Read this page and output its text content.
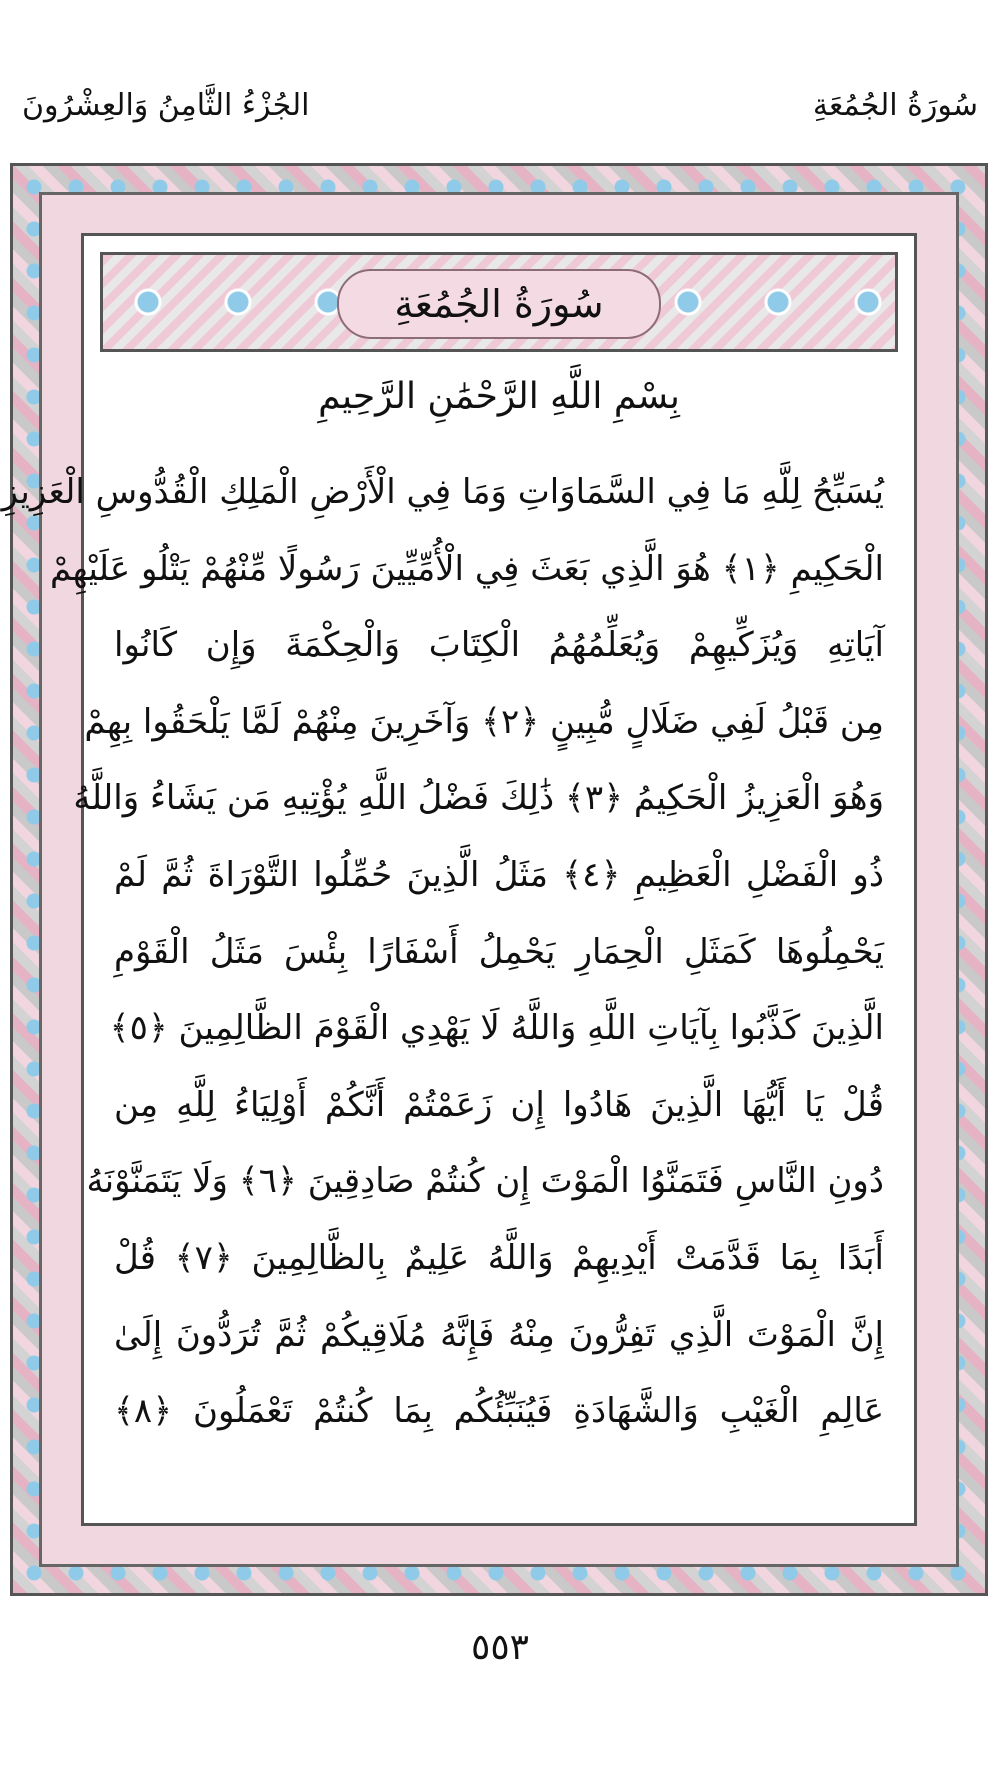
سُورَةُ الجُمُعَةِ
الجُزْءُ الثَّامِنُ وَالعِشْرُونَ
سُورَةُ الجُمُعَةِ
بِسْمِ اللَّهِ الرَّحْمَٰنِ الرَّحِيمِ
يُسَبِّحُ لِلَّهِ مَا فِي السَّمَاوَاتِ وَمَا فِي الْأَرْضِ الْمَلِكِ الْقُدُّوسِ الْعَزِيزِ
الْحَكِيمِ ﴿١﴾ هُوَ الَّذِي بَعَثَ فِي الْأُمِّيِّينَ رَسُولًا مِّنْهُمْ يَتْلُو عَلَيْهِمْ
آيَاتِهِ وَيُزَكِّيهِمْ وَيُعَلِّمُهُمُ الْكِتَابَ وَالْحِكْمَةَ وَإِن كَانُوا
مِن قَبْلُ لَفِي ضَلَالٍ مُّبِينٍ ﴿٢﴾ وَآخَرِينَ مِنْهُمْ لَمَّا يَلْحَقُوا بِهِمْ
وَهُوَ الْعَزِيزُ الْحَكِيمُ ﴿٣﴾ ذَٰلِكَ فَضْلُ اللَّهِ يُؤْتِيهِ مَن يَشَاءُ وَاللَّهُ
ذُو الْفَضْلِ الْعَظِيمِ ﴿٤﴾ مَثَلُ الَّذِينَ حُمِّلُوا التَّوْرَاةَ ثُمَّ لَمْ
يَحْمِلُوهَا كَمَثَلِ الْحِمَارِ يَحْمِلُ أَسْفَارًا بِئْسَ مَثَلُ الْقَوْمِ
الَّذِينَ كَذَّبُوا بِآيَاتِ اللَّهِ وَاللَّهُ لَا يَهْدِي الْقَوْمَ الظَّالِمِينَ ﴿٥﴾
قُلْ يَا أَيُّهَا الَّذِينَ هَادُوا إِن زَعَمْتُمْ أَنَّكُمْ أَوْلِيَاءُ لِلَّهِ مِن
دُونِ النَّاسِ فَتَمَنَّوُا الْمَوْتَ إِن كُنتُمْ صَادِقِينَ ﴿٦﴾ وَلَا يَتَمَنَّوْنَهُ
أَبَدًا بِمَا قَدَّمَتْ أَيْدِيهِمْ وَاللَّهُ عَلِيمٌ بِالظَّالِمِينَ ﴿٧﴾ قُلْ
إِنَّ الْمَوْتَ الَّذِي تَفِرُّونَ مِنْهُ فَإِنَّهُ مُلَاقِيكُمْ ثُمَّ تُرَدُّونَ إِلَىٰ
عَالِمِ الْغَيْبِ وَالشَّهَادَةِ فَيُنَبِّئُكُم بِمَا كُنتُمْ تَعْمَلُونَ ﴿٨﴾
٥٥٣
